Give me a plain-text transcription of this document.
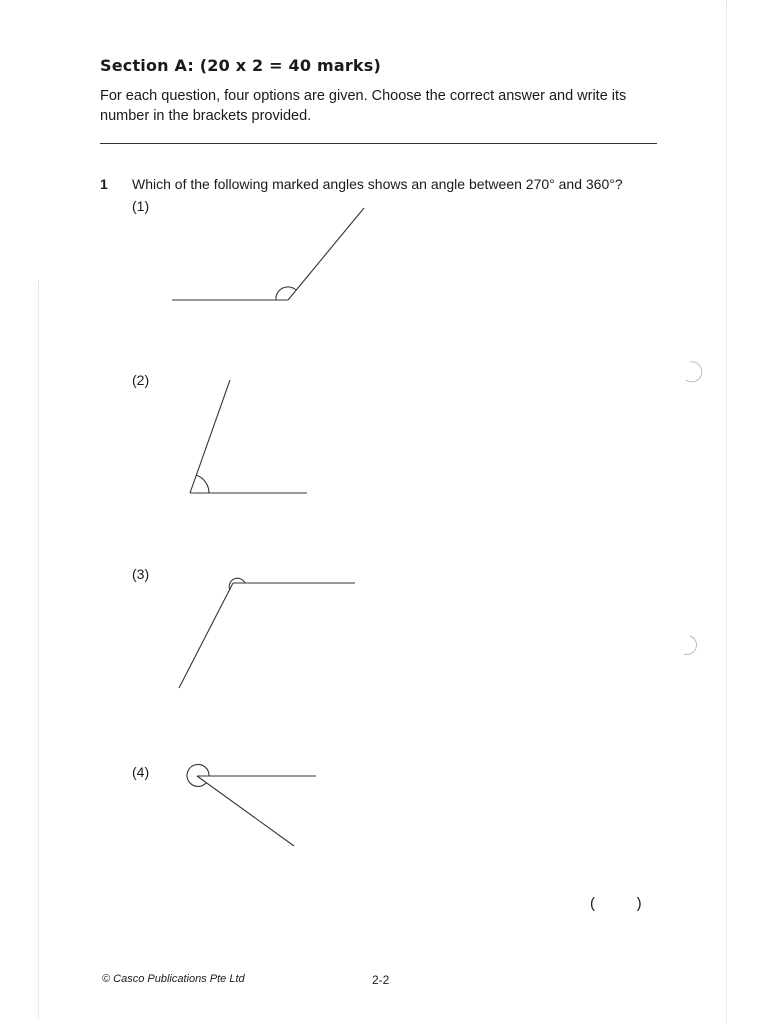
Section A: (20 x 2 = 40 marks)
For each question, four options are given. Choose the correct answer and write its number in the brackets provided.
1 Which of the following marked angles shows an angle between 270° and 360°?
(1)
(2)
(3)
(4)
(          )
© Casco Publications Pte Ltd	2-2
